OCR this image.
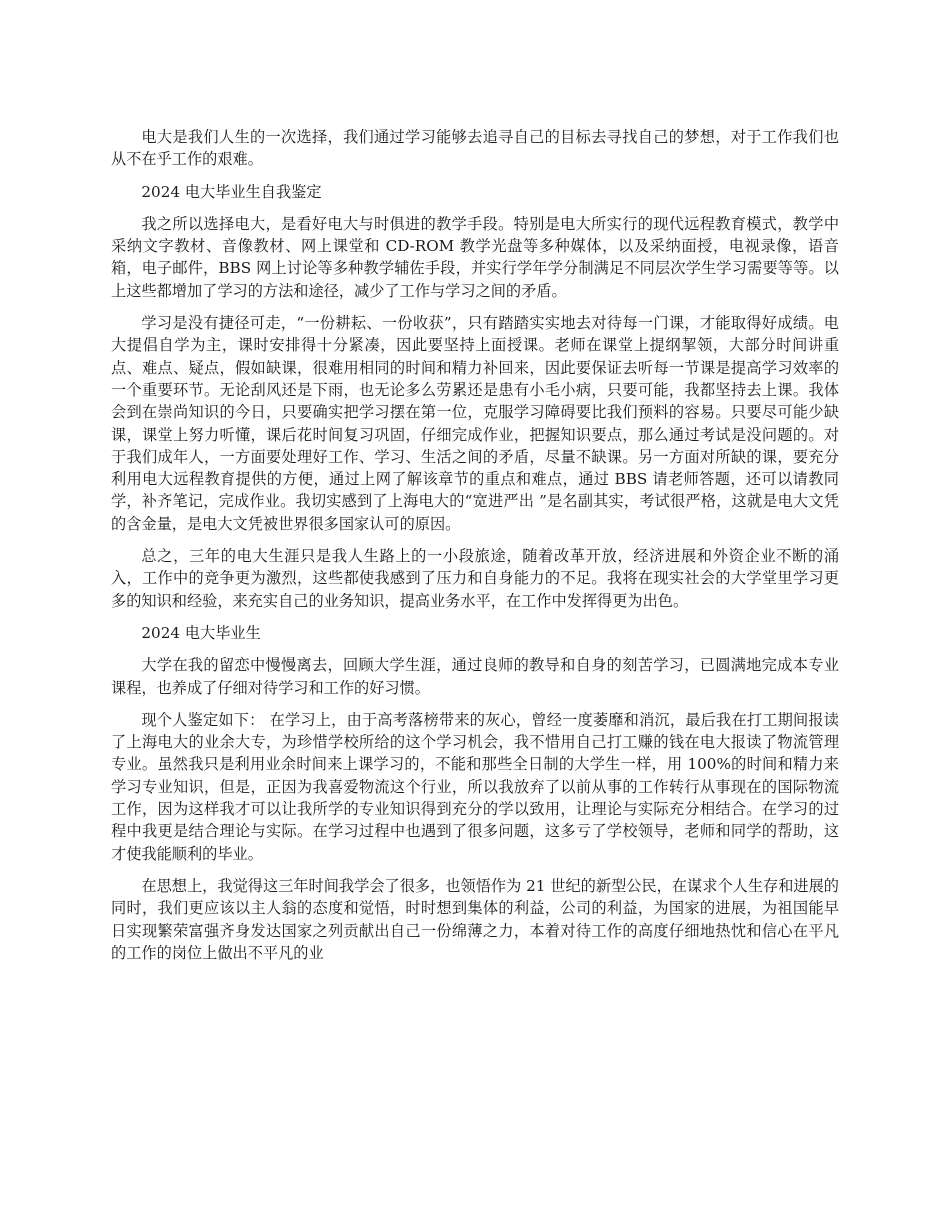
电大是我们人生的一次选择，我们通过学习能够去追寻自己的目标去寻找自己的梦想，对于工作我们也从不在乎工作的艰难。

2024 电大毕业生自我鉴定

我之所以选择电大，是看好电大与时俱进的教学手段。特别是电大所实行的现代远程教育模式，教学中采纳文字教材、音像教材、网上课堂和 CD-ROM 教学光盘等多种媒体，以及采纳面授，电视录像，语音箱，电子邮件，BBS 网上讨论等多种教学辅佐手段，并实行学年学分制满足不同层次学生学习需要等等。以上这些都增加了学习的方法和途径，减少了工作与学习之间的矛盾。

学习是没有捷径可走，“一份耕耘、一份收获”，只有踏踏实实地去对待每一门课，才能取得好成绩。电大提倡自学为主，课时安排得十分紧凑，因此要坚持上面授课。老师在课堂上提纲挈领，大部分时间讲重点、难点、疑点，假如缺课，很难用相同的时间和精力补回来，因此要保证去听每一节课是提高学习效率的一个重要环节。无论刮风还是下雨，也无论多么劳累还是患有小毛小病，只要可能，我都坚持去上课。我体会到在崇尚知识的今日，只要确实把学习摆在第一位，克服学习障碍要比我们预料的容易。只要尽可能少缺课，课堂上努力听懂，课后花时间复习巩固，仔细完成作业，把握知识要点，那么通过考试是没问题的。对于我们成年人，一方面要处理好工作、学习、生活之间的矛盾，尽量不缺课。另一方面对所缺的课，要充分利用电大远程教育提供的方便，通过上网了解该章节的重点和难点，通过 BBS 请老师答题，还可以请教同学，补齐笔记，完成作业。我切实感到了上海电大的“宽进严出 ”是名副其实，考试很严格，这就是电大文凭的含金量，是电大文凭被世界很多国家认可的原因。

总之，三年的电大生涯只是我人生路上的一小段旅途，随着改革开放，经济进展和外资企业不断的涌入，工作中的竞争更为激烈，这些都使我感到了压力和自身能力的不足。我将在现实社会的大学堂里学习更多的知识和经验，来充实自己的业务知识，提高业务水平，在工作中发挥得更为出色。

2024 电大毕业生

大学在我的留恋中慢慢离去，回顾大学生涯，通过良师的教导和自身的刻苦学习，已圆满地完成本专业课程，也养成了仔细对待学习和工作的好习惯。

现个人鉴定如下： 在学习上，由于高考落榜带来的灰心，曾经一度萎靡和消沉，最后我在打工期间报读了上海电大的业余大专，为珍惜学校所给的这个学习机会，我不惜用自己打工赚的钱在电大报读了物流管理专业。虽然我只是利用业余时间来上课学习的，不能和那些全日制的大学生一样，用 100%的时间和精力来学习专业知识，但是，正因为我喜爱物流这个行业，所以我放弃了以前从事的工作转行从事现在的国际物流工作，因为这样我才可以让我所学的专业知识得到充分的学以致用，让理论与实际充分相结合。在学习的过程中我更是结合理论与实际。在学习过程中也遇到了很多问题，这多亏了学校领导，老师和同学的帮助，这才使我能顺利的毕业。

在思想上，我觉得这三年时间我学会了很多，也领悟作为 21 世纪的新型公民，在谋求个人生存和进展的同时，我们更应该以主人翁的态度和觉悟，时时想到集体的利益，公司的利益，为国家的进展，为祖国能早日实现繁荣富强齐身发达国家之列贡献出自己一份绵薄之力，本着对待工作的高度仔细地热忱和信心在平凡的工作的岗位上做出不平凡的业
